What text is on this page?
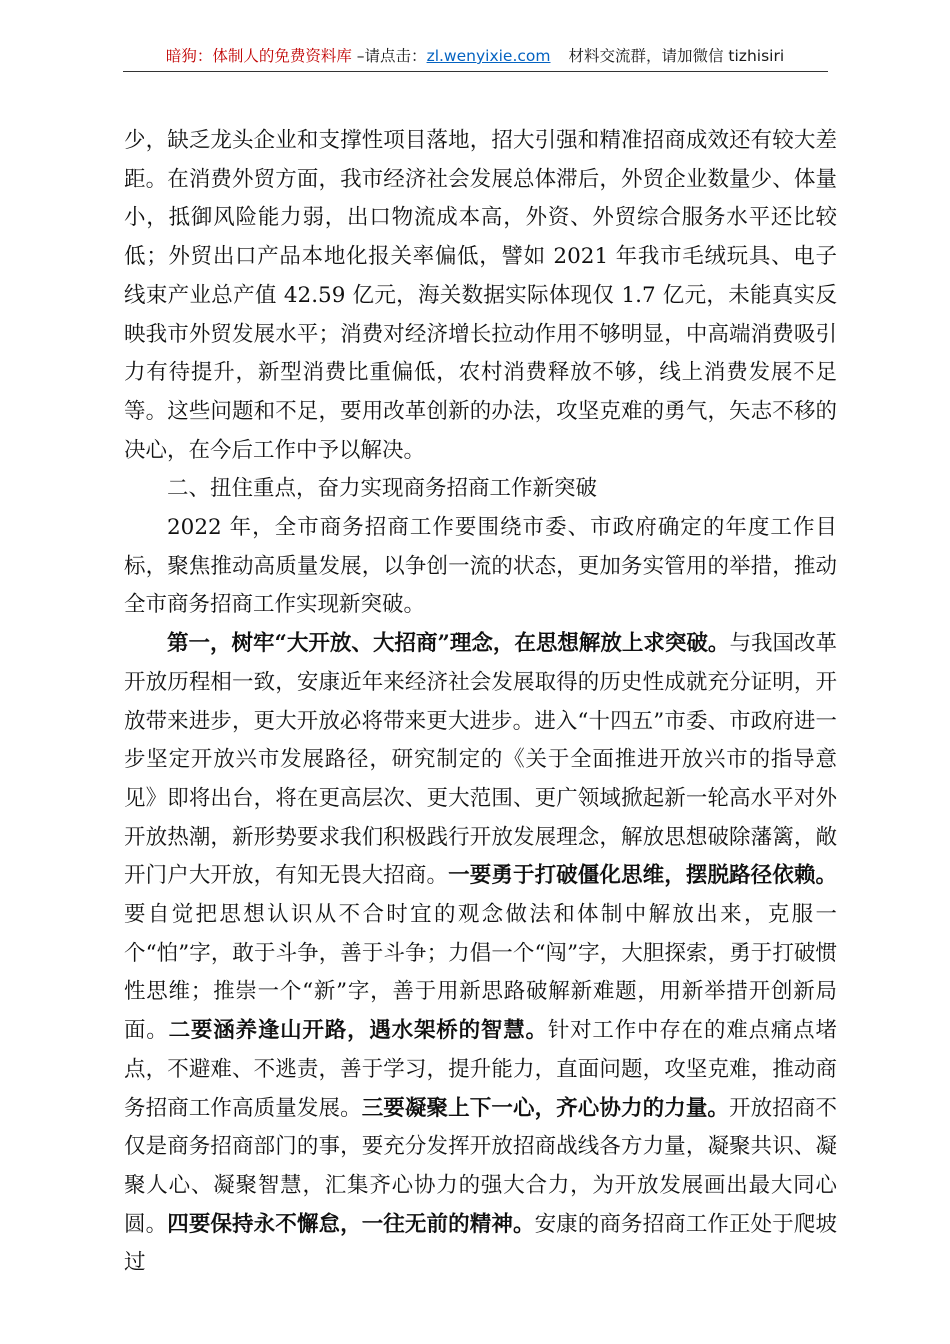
暗狗：体制人的免费资料库 –请点击：zl.wenyixie.com 材料交流群，请加微信 tizhisiri

少，缺乏龙头企业和支撑性项目落地，招大引强和精准招商成效还有较大差距。在消费外贸方面，我市经济社会发展总体滞后，外贸企业数量少、体量小，抵御风险能力弱，出口物流成本高，外资、外贸综合服务水平还比较低；外贸出口产品本地化报关率偏低，譬如 2021 年我市毛绒玩具、电子线束产业总产值 42.59 亿元，海关数据实际体现仅 1.7 亿元，未能真实反映我市外贸发展水平；消费对经济增长拉动作用不够明显，中高端消费吸引力有待提升，新型消费比重偏低，农村消费释放不够，线上消费发展不足等。这些问题和不足，要用改革创新的办法，攻坚克难的勇气，矢志不移的决心，在今后工作中予以解决。

二、扭住重点，奋力实现商务招商工作新突破

2022 年，全市商务招商工作要围绕市委、市政府确定的年度工作目标，聚焦推动高质量发展，以争创一流的状态，更加务实管用的举措，推动全市商务招商工作实现新突破。

第一，树牢“大开放、大招商”理念，在思想解放上求突破。与我国改革开放历程相一致，安康近年来经济社会发展取得的历史性成就充分证明，开放带来进步，更大开放必将带来更大进步。进入“十四五”市委、市政府进一步坚定开放兴市发展路径，研究制定的《关于全面推进开放兴市的指导意见》即将出台，将在更高层次、更大范围、更广领域掀起新一轮高水平对外开放热潮，新形势要求我们积极践行开放发展理念，解放思想破除藩篱，敞开门户大开放，有知无畏大招商。一要勇于打破僵化思维，摆脱路径依赖。要自觉把思想认识从不合时宜的观念做法和体制中解放出来，克服一个“怕”字，敢于斗争，善于斗争；力倡一个“闯”字，大胆探索，勇于打破惯性思维；推崇一个“新”字，善于用新思路破解新难题，用新举措开创新局面。二要涵养逢山开路，遇水架桥的智慧。针对工作中存在的难点痛点堵点，不避难、不逃责，善于学习，提升能力，直面问题，攻坚克难，推动商务招商工作高质量发展。三要凝聚上下一心，齐心协力的力量。开放招商不仅是商务招商部门的事，要充分发挥开放招商战线各方力量，凝聚共识、凝聚人心、凝聚智慧，汇集齐心协力的强大合力，为开放发展画出最大同心圆。四要保持永不懈怠，一往无前的精神。安康的商务招商工作正处于爬坡过
